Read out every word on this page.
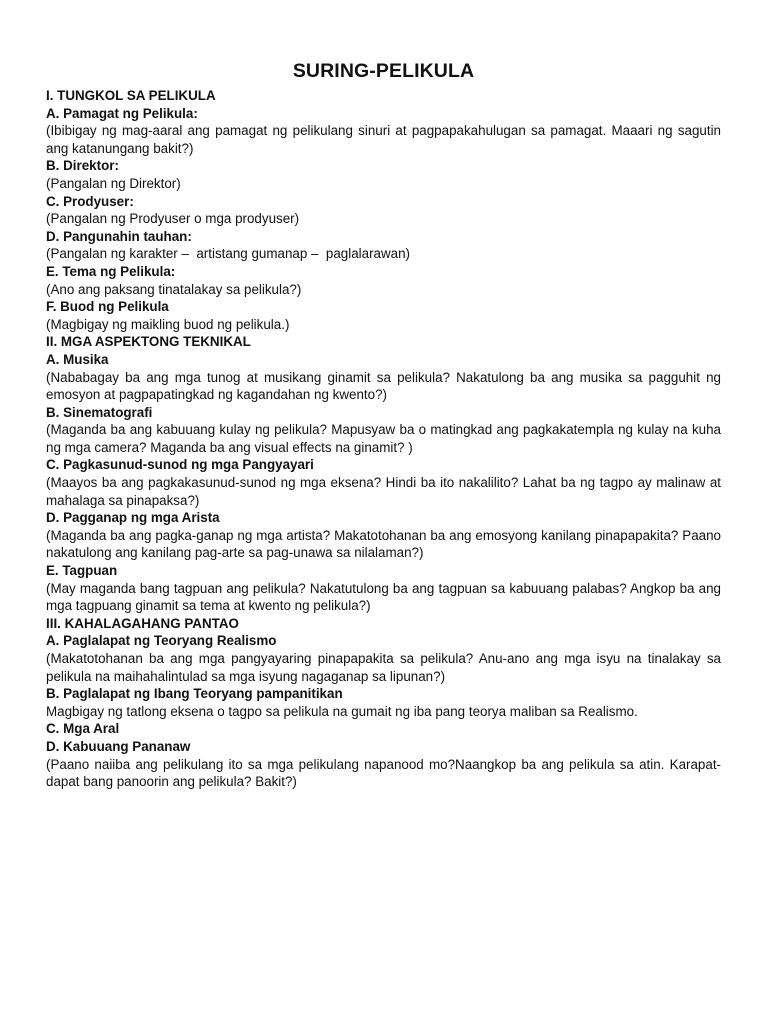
SURING-PELIKULA

I. TUNGKOL SA PELIKULA

A. Pamagat ng Pelikula:

(Ibibigay ng mag-aaral ang pamagat ng pelikulang sinuri at pagpapakahulugan sa pamagat. Maaari ng sagutin ang katanungang bakit?)

B. Direktor:

(Pangalan ng Direktor)

C. Prodyuser:

(Pangalan ng Prodyuser o mga prodyuser)

D. Pangunahin tauhan:

(Pangalan ng karakter –  artistang gumanap –  paglalarawan)

E. Tema ng Pelikula:

(Ano ang paksang tinatalakay sa pelikula?)

F. Buod ng Pelikula

(Magbigay ng maikling buod ng pelikula.)

II. MGA ASPEKTONG TEKNIKAL

A. Musika

(Nababagay ba ang mga tunog at musikang ginamit sa pelikula? Nakatulong ba ang musika sa pagguhit ng emosyon at pagpapatingkad ng kagandahan ng kwento?)

B. Sinematografi

(Maganda ba ang kabuuang kulay ng pelikula? Mapusyaw ba o matingkad ang pagkakatempla ng kulay na kuha ng mga camera? Maganda ba ang visual effects na ginamit? )

C. Pagkasunud-sunod ng mga Pangyayari

(Maayos ba ang pagkakasunud-sunod ng mga eksena? Hindi ba ito nakalilito? Lahat ba ng tagpo ay malinaw at mahalaga sa pinapaksa?)

D. Pagganap ng mga Arista

(Maganda ba ang pagka-ganap ng mga artista? Makatotohanan ba ang emosyong kanilang pinapapakita? Paano nakatulong ang kanilang pag-arte sa pag-unawa sa nilalaman?)

E. Tagpuan

(May maganda bang tagpuan ang pelikula? Nakatutulong ba ang tagpuan sa kabuuang palabas? Angkop ba ang mga tagpuang ginamit sa tema at kwento ng pelikula?)

III. KAHALAGAHANG PANTAO

A. Paglalapat ng Teoryang Realismo

(Makatotohanan ba ang mga pangyayaring pinapapakita sa pelikula? Anu-ano ang mga isyu na tinalakay sa pelikula na maihahalintulad sa mga isyung nagaganap sa lipunan?)

B. Paglalapat ng Ibang Teoryang pampanitikan

Magbigay ng tatlong eksena o tagpo sa pelikula na gumait ng iba pang teorya maliban sa Realismo.

C. Mga Aral

D. Kabuuang Pananaw

(Paano naiiba ang pelikulang ito sa mga pelikulang napanood mo?Naangkop ba ang pelikula sa atin. Karapat-dapat bang panoorin ang pelikula? Bakit?)
